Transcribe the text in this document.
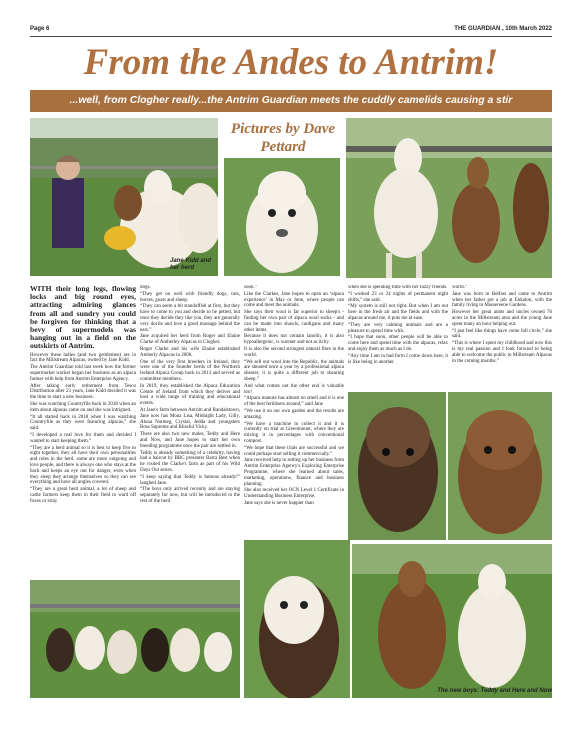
Page 6	THE GUARDIAN , 10th March 2022
From the Andes to Antrim!
...well, from Clogher really...the Antrim Guardian meets the cuddly camelids causing a stir
Jane Kidd and her herd
Pictures by Dave Pettard

WITH their long legs, flowing locks and big round eyes, attracting admiring glances from all and sundry you could be forgiven for thinking that a bevy of supermodels was hanging out in a field on the outskirts of Antrim.

However these ladies (and two gentlemen) are in fact the Millstream Alpacas, owned by Jane Kidd.

The Antrim Guardian told last week how the former supermarket worker began her business as an alpaca farmer with help from Antrim Enterprise Agency.

After taking early retirement from Tesco Distribution after 23 years, Jane Kidd decided it was the time to start a new business.

She was watching Countryfile back in 2018 when an item about alpacas came on and she was intrigued.

“It all started back in 2018 when I was watching Countryfile as they were featuring alpacas,” she said.

“I developed a real love for them and decided I wanted to start keeping them.”

“They are a herd animal so it is best to keep five to eight together, they all have their own personalities and roles in the herd, some are more outgoing and love people, and there is always one who stays at the back and keeps an eye out for danger, even when they sleep they arrange themselves so they can see everything and have all angles covered.

“They are a great herd animal, a lot of sheep and cattle farmers keep them in their field to ward off foxes or stray

dogs.

“They get on well with friendly dogs, cats, horses, goats and sheep.

“They can seem a bit standoffish at first, but they have to come to you and decide to be petted, but once they decide they like you, they are generally very docile and love a good massage behind the ears.”

Jane acquired her herd from Roger and Elaine Clarke of Amberley Alpacas in Clogher.

Roger Clarke and his wife Elaine established Amberly Alpacas in 2006.

One of the very first breeders in Ireland, they were one of the founder herds of the Northern Ireland Alpaca Group back in 2013 and served as committee members.

In 2019, they established the Alpaca Education Centre of Ireland from which they deliver and host a wide range of training and educational events.

At Jane's farm between Antrim and Randalstown, Jane now has Mona Lisa, Midnight Lady, Gilly, Aluna Nutmeg, Crystal, Jedda and youngsters Boss Supreme and Blissful Vicky.

There are also two new males, Teddy and Here and Now, and Jane hopes to start her own breeding programme once the pair are settled in.

Teddy is already something of a celebrity, having had a haircut by BBC presenter Barra Best when he visited the Clarke's farm as part of his Wild Days Out series.

“I keep saying that Teddy is famous already!” laughed Jane.

“The boys only arrived recently and are staying separately for now, but will be introduced to the rest of the herd

soon.”

Like the Clarkes, Jane hopes to open an ‘alpaca experience’ in May or June, where people can come and meet the animals.

She says their wool is far superior to sheep's - finding her own pair of alpaca wool socks - and can be made into shawls, cardigans and many other items.

Because it does not contain lanolin, it is also hypoallergenic, is warmer and not as itchy.

It is also the second strongest natural fibre in the world.

“We sell our wool into the Republic, the animals are sheared once a year by a professional alpaca shearer, it is quite a different job to shearing sheep.”

And what comes out the other end is valuable too!

“Alpaca manure has almost no smell and it is one of the best fertilisers around,” said Jane

“We use it on our own garden and the results are amazing.

“We have a machine to collect it and it is currently on trial at Greenmount, where they are mixing it in percentages with conventional compost.

“We hope that these trials are successful and we could perhaps start selling it commercially.”

Jane received help in setting up her business from Antrim Enterprise Agency's Exploring Enterprise Programme, where she learned about sales, marketing, operations, finance and business planning.

She also received her OCN Level 1 Certificate in Understanding Business Enterprise.

Jane says she is never happier than

when she is spending time with her fuzzy friends.

“I worked 23 or 24 nights of permanent night shifts,” she said.

“My system is still not right. But when I am out here in the fresh air and the fields and with the alpacas around me, it puts me at ease.

“They are very calming animals and are a pleasure to spend time with.

“I hope that soon, other people will be able to come here and spend time with the alpacas, relax and enjoy them as much as I do.

“Any time I am in bad form I come down here, it is like being in another

world.”

Jane was born in Belfast and came to Antrim when her father got a job at Enkalon, with the family living in Massereene Gardens.

However her great aunts and uncles owned 76 acres in the Millstream area and the young Jane spent many an hour helping out.

“I just feel like things have come full circle,” she said.

“This is where I spent my childhood and now this is my real passion and I look forward to being able to welcome the public to Millstream Alpacas in the coming months.”

The new boys: Teddy and Here and Now
